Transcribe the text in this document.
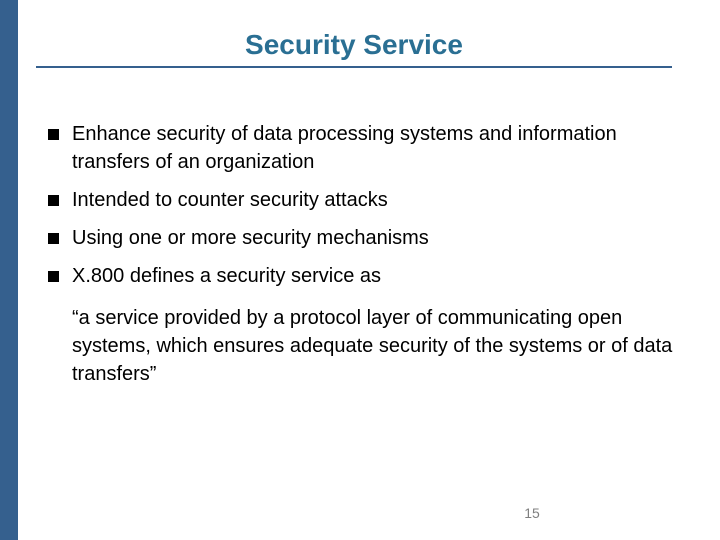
Security Service
Enhance security of data processing systems and information transfers of an organization
Intended to counter security attacks
Using one or more security mechanisms
X.800 defines a security service as
“a service provided by a protocol layer of communicating open systems, which ensures adequate security of the systems or of data transfers”
15
